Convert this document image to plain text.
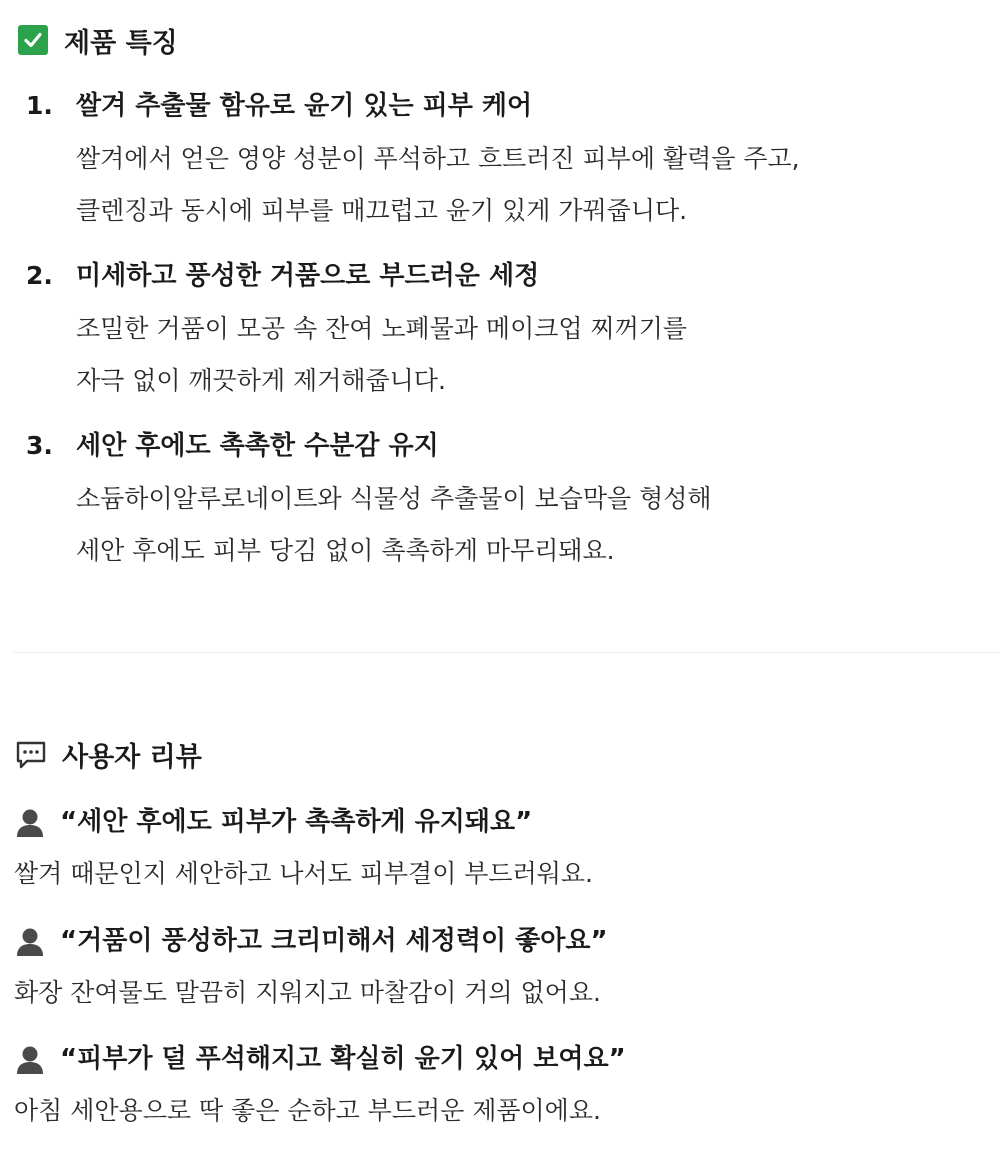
제품 특징
1. 쌀겨 추출물 함유로 윤기 있는 피부 케어
쌀겨에서 얻은 영양 성분이 푸석하고 흐트러진 피부에 활력을 주고,
클렌징과 동시에 피부를 매끄럽고 윤기 있게 가꿔줍니다.
2. 미세하고 풍성한 거품으로 부드러운 세정
조밀한 거품이 모공 속 잔여 노폐물과 메이크업 찌꺼기를
자극 없이 깨끗하게 제거해줍니다.
3. 세안 후에도 촉촉한 수분감 유지
소듐하이알루로네이트와 식물성 추출물이 보습막을 형성해
세안 후에도 피부 당김 없이 촉촉하게 마무리돼요.
사용자 리뷰
“세안 후에도 피부가 촉촉하게 유지돼요”
쌀겨 때문인지 세안하고 나서도 피부결이 부드러워요.
“거품이 풍성하고 크리미해서 세정력이 좋아요”
화장 잔여물도 말끔히 지워지고 마찰감이 거의 없어요.
“피부가 덜 푸석해지고 확실히 윤기 있어 보여요”
아침 세안용으로 딱 좋은 순하고 부드러운 제품이에요.
